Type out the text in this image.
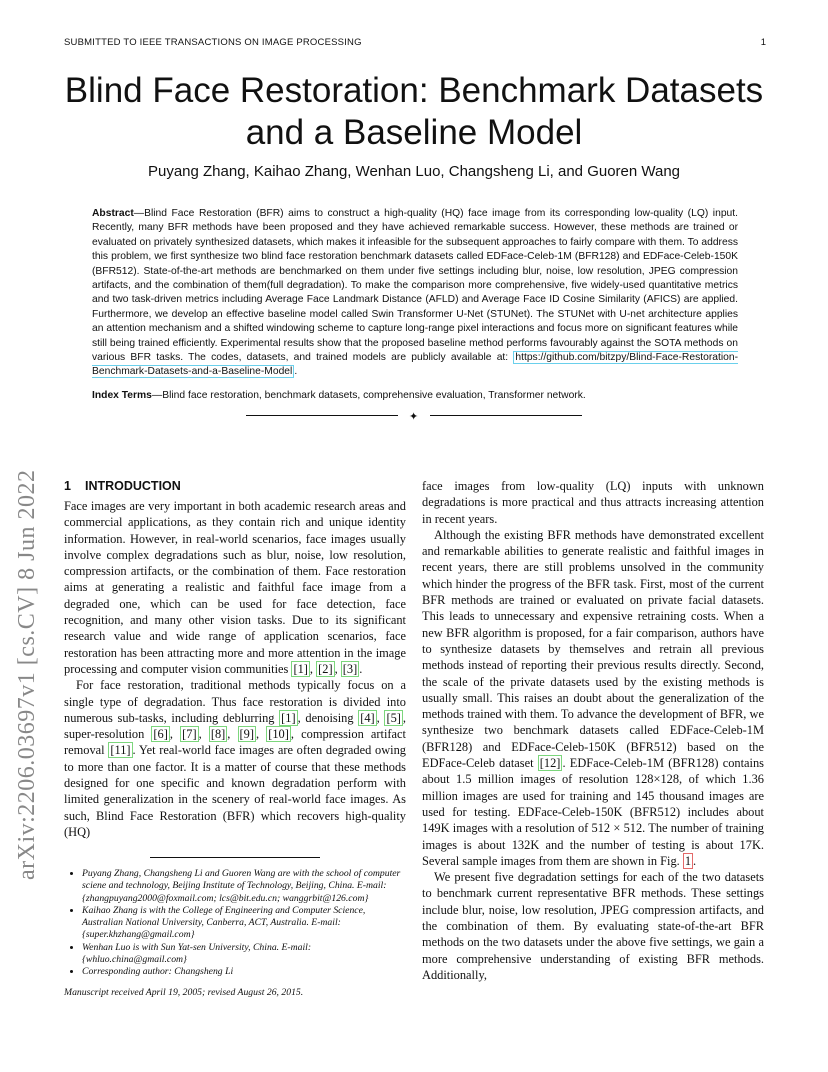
SUBMITTED TO IEEE TRANSACTIONS ON IMAGE PROCESSING	1
Blind Face Restoration: Benchmark Datasets and a Baseline Model
Puyang Zhang, Kaihao Zhang, Wenhan Luo, Changsheng Li, and Guoren Wang
Abstract—Blind Face Restoration (BFR) aims to construct a high-quality (HQ) face image from its corresponding low-quality (LQ) input. Recently, many BFR methods have been proposed and they have achieved remarkable success. However, these methods are trained or evaluated on privately synthesized datasets, which makes it infeasible for the subsequent approaches to fairly compare with them. To address this problem, we first synthesize two blind face restoration benchmark datasets called EDFace-Celeb-1M (BFR128) and EDFace-Celeb-150K (BFR512). State-of-the-art methods are benchmarked on them under five settings including blur, noise, low resolution, JPEG compression artifacts, and the combination of them(full degradation). To make the comparison more comprehensive, five widely-used quantitative metrics and two task-driven metrics including Average Face Landmark Distance (AFLD) and Average Face ID Cosine Similarity (AFICS) are applied. Furthermore, we develop an effective baseline model called Swin Transformer U-Net (STUNet). The STUNet with U-net architecture applies an attention mechanism and a shifted windowing scheme to capture long-range pixel interactions and focus more on significant features while still being trained efficiently. Experimental results show that the proposed baseline method performs favourably against the SOTA methods on various BFR tasks. The codes, datasets, and trained models are publicly available at: https://github.com/bitzpy/Blind-Face-Restoration-Benchmark-Datasets-and-a-Baseline-Model .
Index Terms—Blind face restoration, benchmark datasets, comprehensive evaluation, Transformer network.
✦
arXiv:2206.03697v1 [cs.CV] 8 Jun 2022 1 INTRODUCTION

Face images are very important in both academic research areas and commercial applications, as they contain rich and unique identity information. However, in real-world scenarios, face images usually involve complex degradations such as blur, noise, low resolution, compression artifacts, or the combination of them. Face restoration aims at generating a realistic and faithful face image from a degraded one, which can be used for face detection, face recognition, and many other vision tasks. Due to its significant research value and wide range of application scenarios, face restoration has been attracting more and more attention in the image processing and computer vision communities [1] , [2] , [3] .

For face restoration, traditional methods typically focus on a single type of degradation. Thus face restoration is divided into numerous sub-tasks, including deblurring [1] , denoising [4] , [5] , super-resolution [6] , [7] , [8] , [9] , [10] , compression artifact removal [11] . Yet real-world face images are often degraded owing to more than one factor. It is a matter of course that these methods designed for one specific and known degradation perform with limited generalization in the scenery of real-world face images. As such, Blind Face Restoration (BFR) which recovers high-quality (HQ)

• Puyang Zhang, Changsheng Li and Guoren Wang are with the school of computer sciene and technology, Beijing Institute of Technology, Beijing, China. E-mail: {zhangpuyang2000@foxmail.com; lcs@bit.edu.cn; wanggrbit@126.com}
• Kaihao Zhang is with the College of Engineering and Computer Science, Australian National University, Canberra, ACT, Australia. E-mail: {super.khzhang@gmail.com}
• Wenhan Luo is with Sun Yat-sen University, China. E-mail: {whluo.china@gmail.com}
• Corresponding author: Changsheng Li
Manuscript received April 19, 2005; revised August 26, 2015.

face images from low-quality (LQ) inputs with unknown degradations is more practical and thus attracts increasing attention in recent years.

Although the existing BFR methods have demonstrated excellent and remarkable abilities to generate realistic and faithful images in recent years, there are still problems unsolved in the community which hinder the progress of the BFR task. First, most of the current BFR methods are trained or evaluated on private facial datasets. This leads to unnecessary and expensive retraining costs. When a new BFR algorithm is proposed, for a fair comparison, authors have to synthesize datasets by themselves and retrain all previous methods instead of reporting their previous results directly. Second, the scale of the private datasets used by the existing methods is usually small. This raises an doubt about the generalization of the methods trained with them. To advance the development of BFR, we synthesize two benchmark datasets called EDFace-Celeb-1M (BFR128) and EDFace-Celeb-150K (BFR512) based on the EDFace-Celeb dataset [12] . EDFace-Celeb-1M (BFR128) contains about 1.5 million images of resolution 128×128, of which 1.36 million images are used for training and 145 thousand images are used for testing. EDFace-Celeb-150K (BFR512) includes about 149K images with a resolution of 512 × 512. The number of training images is about 132K and the number of testing is about 17K. Several sample images from them are shown in Fig. 1 .

We present five degradation settings for each of the two datasets to benchmark current representative BFR methods. These settings include blur, noise, low resolution, JPEG compression artifacts, and the combination of them. By evaluating state-of-the-art BFR methods on the two datasets under the above five settings, we gain a more comprehensive understanding of existing BFR methods. Additionally,
